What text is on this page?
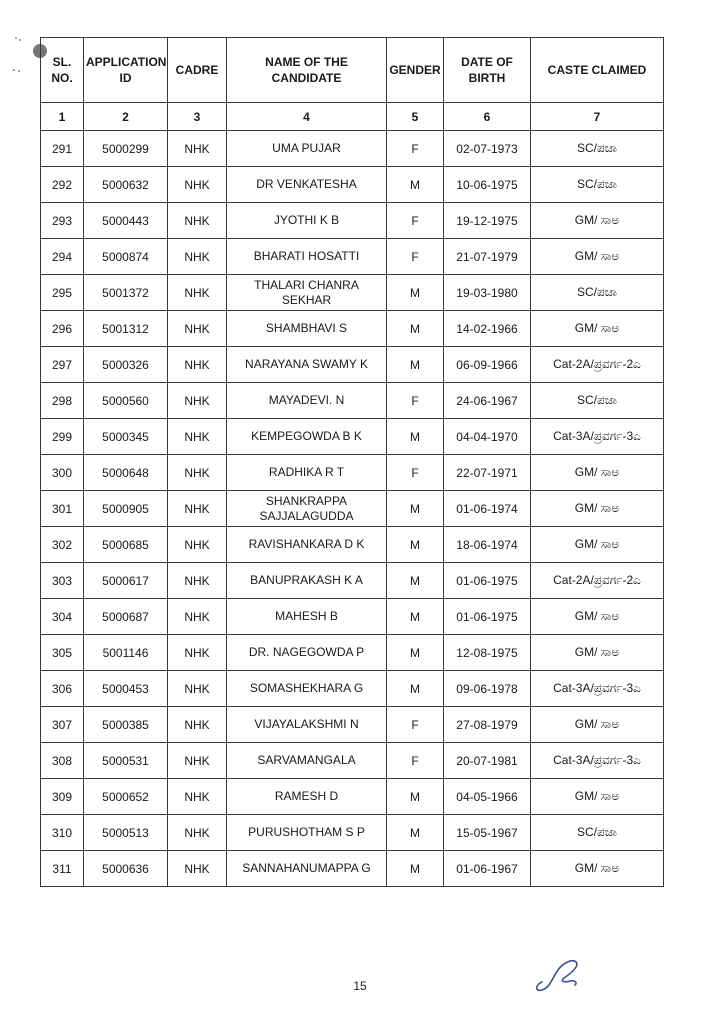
SL. NO.	APPLICATION ID	CADRE	NAME OF THE CANDIDATE	GENDER	DATE OF BIRTH	CASTE CLAIMED
1	2	3	4	5	6	7
291	5000299	NHK	UMA PUJAR	F	02-07-1973	SC/ಪಜಾ
292	5000632	NHK	DR VENKATESHA	M	10-06-1975	SC/ಪಜಾ
293	5000443	NHK	JYOTHI K B	F	19-12-1975	GM/ ಸಾಅ
294	5000874	NHK	BHARATI HOSATTI	F	21-07-1979	GM/ ಸಾಅ
295	5001372	NHK	THALARI CHANRA SEKHAR	M	19-03-1980	SC/ಪಜಾ
296	5001312	NHK	SHAMBHAVI S	M	14-02-1966	GM/ ಸಾಅ
297	5000326	NHK	NARAYANA SWAMY K	M	06-09-1966	Cat-2A/ಪ್ರವರ್ಗ-2ಎ
298	5000560	NHK	MAYADEVI. N	F	24-06-1967	SC/ಪಜಾ
299	5000345	NHK	KEMPEGOWDA B K	M	04-04-1970	Cat-3A/ಪ್ರವರ್ಗ-3ಎ
300	5000648	NHK	RADHIKA R T	F	22-07-1971	GM/ ಸಾಅ
301	5000905	NHK	SHANKRAPPA SAJJALAGUDDA	M	01-06-1974	GM/ ಸಾಅ
302	5000685	NHK	RAVISHANKARA D K	M	18-06-1974	GM/ ಸಾಅ
303	5000617	NHK	BANUPRAKASH K A	M	01-06-1975	Cat-2A/ಪ್ರವರ್ಗ-2ಎ
304	5000687	NHK	MAHESH B	M	01-06-1975	GM/ ಸಾಅ
305	5001146	NHK	DR. NAGEGOWDA P	M	12-08-1975	GM/ ಸಾಅ
306	5000453	NHK	SOMASHEKHARA G	M	09-06-1978	Cat-3A/ಪ್ರವರ್ಗ-3ಎ
307	5000385	NHK	VIJAYALAKSHMI N	F	27-08-1979	GM/ ಸಾಅ
308	5000531	NHK	SARVAMANGALA	F	20-07-1981	Cat-3A/ಪ್ರವರ್ಗ-3ಎ
309	5000652	NHK	RAMESH D	M	04-05-1966	GM/ ಸಾಅ
310	5000513	NHK	PURUSHOTHAM S P	M	15-05-1967	SC/ಪಜಾ
311	5000636	NHK	SANNAHANUMAPPA G	M	01-06-1967	GM/ ಸಾಅ
15
